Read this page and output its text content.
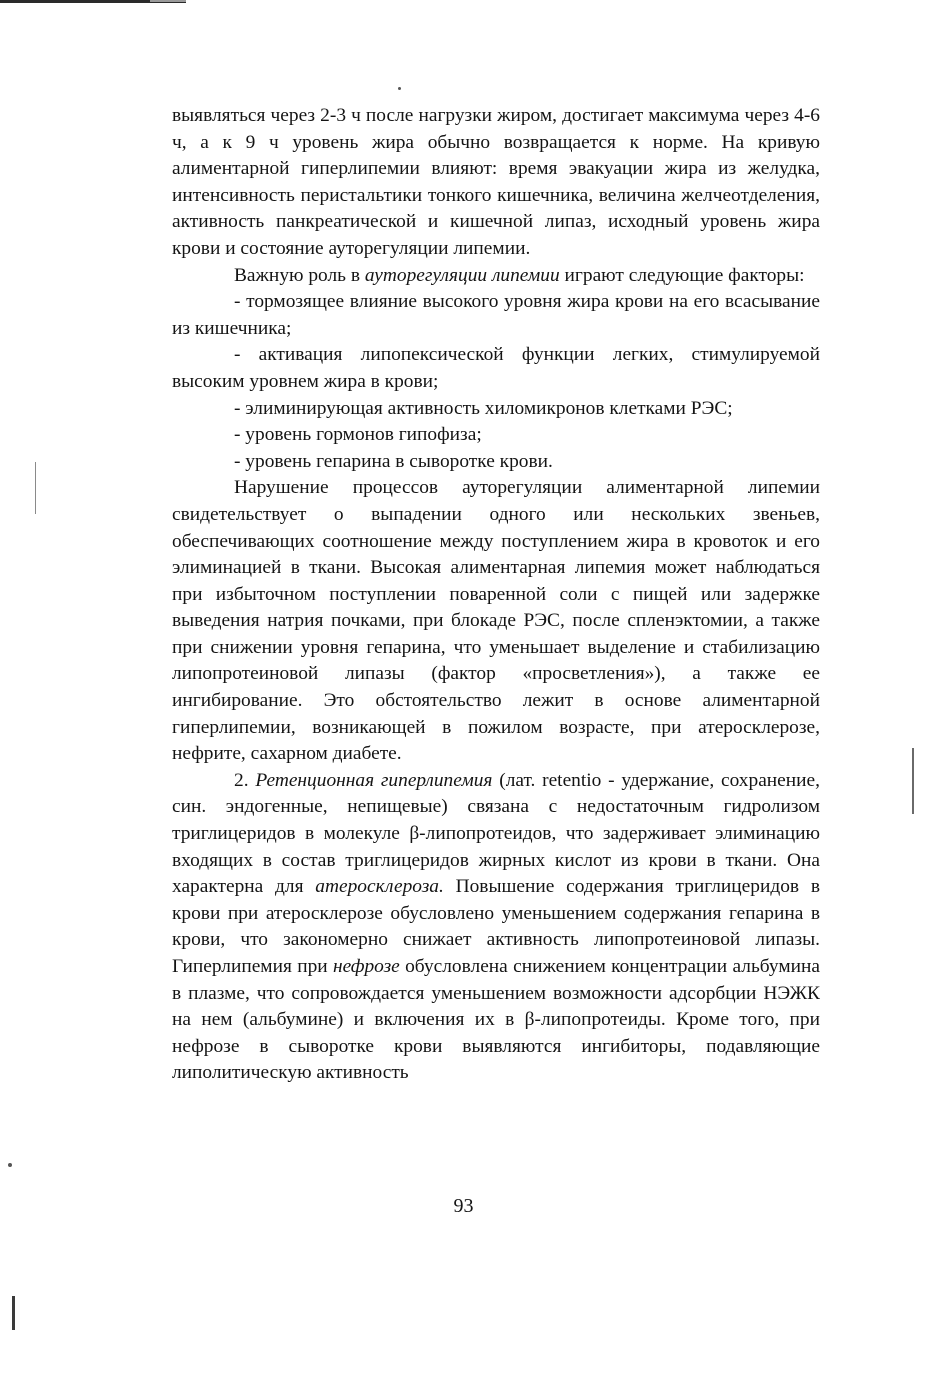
выявляться через 2-3 ч после нагрузки жиром, достигает максимума через 4-6 ч, а к 9 ч уровень жира обычно возвращается к норме. На кривую алиментарной гиперлипемии влияют: время эвакуации жира из желудка, интенсивность перистальтики тонкого кишечника, величина желчеотделения, активность панкреатической и кишечной липаз, исходный уровень жира крови и состояние ауторегуляции липемии.

Важную роль в ауторегуляции липемии играют следующие факторы:

- тормозящее влияние высокого уровня жира крови на его всасывание из кишечника;

- активация липопексической функции легких, стимулируемой высоким уровнем жира в крови;

- элиминирующая активность хиломикронов клетками РЭС;

- уровень гормонов гипофиза;

- уровень гепарина в сыворотке крови.

Нарушение процессов ауторегуляции алиментарной липемии свидетельствует о выпадении одного или нескольких звеньев, обеспечивающих соотношение между поступлением жира в кровоток и его элиминацией в ткани. Высокая алиментарная липемия может наблюдаться при избыточном поступлении поваренной соли с пищей или задержке выведения натрия почками, при блокаде РЭС, после спленэктомии, а также при снижении уровня гепарина, что уменьшает выделение и стабилизацию липопротеиновой липазы (фактор «просветления»), а также ее ингибирование. Это обстоятельство лежит в основе алиментарной гиперлипемии, возникающей в пожилом возрасте, при атеросклерозе, нефрите, сахарном диабете.

2. Ретенционная гиперлипемия (лат. retentio - удержание, сохранение, син. эндогенные, непищевые) связана с недостаточным гидролизом триглицеридов в молекуле β-липопротеидов, что задерживает элиминацию входящих в состав триглицеридов жирных кислот из крови в ткани. Она характерна для атеросклероза. Повышение содержания триглицеридов в крови при атеросклерозе обусловлено уменьшением содержания гепарина в крови, что закономерно снижает активность липопротеиновой липазы. Гиперлипемия при нефрозе обусловлена снижением концентрации альбумина в плазме, что сопровождается уменьшением возможности адсорбции НЭЖК на нем (альбумине) и включения их в β-липопротеиды. Кроме того, при нефрозе в сыворотке крови выявляются ингибиторы, подавляющие липолитическую активность

93
